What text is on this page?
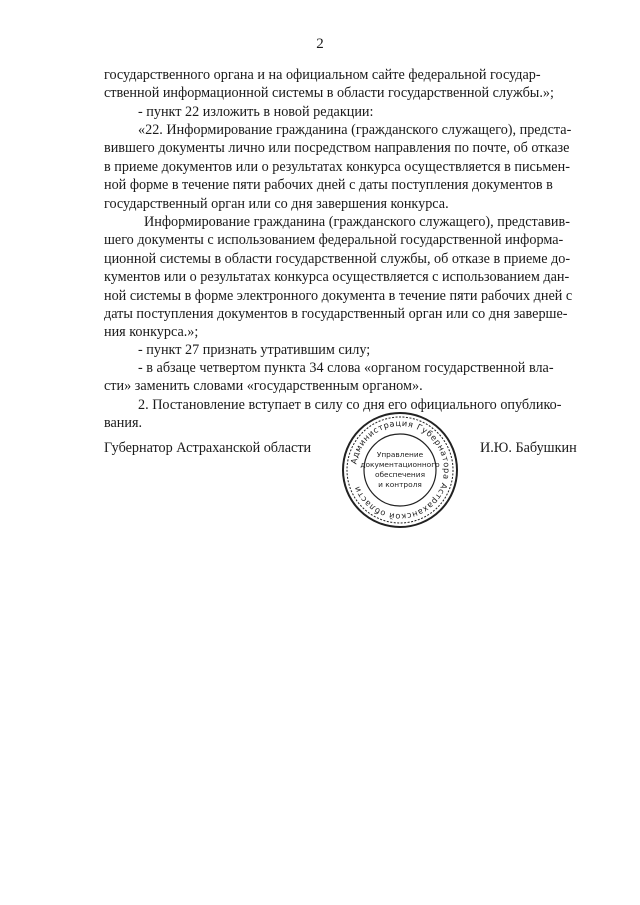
2
государственного органа и на официальном сайте федеральной государ-
ственной информационной системы в области государственной службы.»;
- пункт 22 изложить в новой редакции:
«22. Информирование гражданина (гражданского служащего), предста-
вившего документы лично или посредством направления по почте, об отказе
в приеме документов или о результатах конкурса осуществляется в письмен-
ной форме в течение пяти рабочих дней с даты поступления документов в
государственный орган или со дня завершения конкурса.
Информирование гражданина (гражданского служащего), представив-
шего документы с использованием федеральной государственной информа-
ционной системы в области государственной службы, об отказе в приеме до-
кументов или о результатах конкурса осуществляется с использованием дан-
ной системы в форме электронного документа в течение пяти рабочих дней с
даты поступления документов в государственный орган или со дня заверше-
ния конкурса.»;
- пункт 27 признать утратившим силу;
- в абзаце четвертом пункта 34 слова «органом государственной вла-
сти» заменить словами «государственным органом».
2. Постановление вступает в силу со дня его официального опублико-
вания.
Администрация Губернатора Астраханской области
Управление
документационного
обеспечения
и контроля
Губернатор Астраханской области	И.Ю. Бабушкин
